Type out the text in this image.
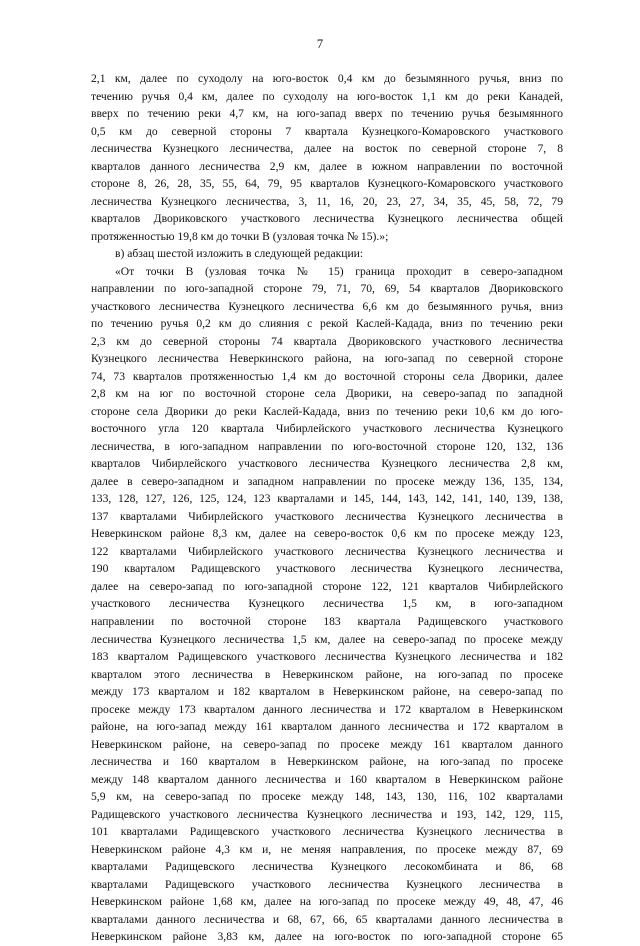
7
2,1 км, далее по суходолу на юго-восток 0,4 км до безымянного ручья, вниз по
течению ручья 0,4 км, далее по суходолу на юго-восток 1,1 км до реки Канадей,
вверх по течению реки 4,7 км, на юго-запад вверх по течению ручья безымянного
0,5 км до северной стороны 7 квартала Кузнецкого-Комаровского участкового
лесничества Кузнецкого лесничества, далее на восток по северной стороне 7, 8
кварталов данного лесничества 2,9 км, далее в южном направлении по восточной
стороне 8, 26, 28, 35, 55, 64, 79, 95 кварталов Кузнецкого-Комаровского участкового
лесничества Кузнецкого лесничества, 3, 11, 16, 20, 23, 27, 34, 35, 45, 58, 72, 79
кварталов Двориковского участкового лесничества Кузнецкого лесничества общей
протяженностью 19,8 км до точки В (узловая точка № 15).»;
в) абзац шестой изложить в следующей редакции:
«От точки В (узловая точка № 15) граница проходит в северо-западном
направлении по юго-западной стороне 79, 71, 70, 69, 54 кварталов Двориковского
участкового лесничества Кузнецкого лесничества 6,6 км до безымянного ручья, вниз
по течению ручья 0,2 км до слияния с рекой Каслей-Кадада, вниз по течению реки
2,3 км до северной стороны 74 квартала Двориковского участкового лесничества
Кузнецкого лесничества Неверкинского района, на юго-запад по северной стороне
74, 73 кварталов протяженностью 1,4 км до восточной стороны села Дворики, далее
2,8 км на юг по восточной стороне села Дворики, на северо-запад по западной
стороне села Дворики до реки Каслей-Кадада, вниз по течению реки 10,6 км до юго-
восточного угла 120 квартала Чибирлейского участкового лесничества Кузнецкого
лесничества, в юго-западном направлении по юго-восточной стороне 120, 132, 136
кварталов Чибирлейского участкового лесничества Кузнецкого лесничества 2,8 км,
далее в северо-западном и западном направлении по просеке между 136, 135, 134,
133, 128, 127, 126, 125, 124, 123 кварталами и 145, 144, 143, 142, 141, 140, 139, 138,
137 кварталами Чибирлейского участкового лесничества Кузнецкого лесничества в
Неверкинском районе 8,3 км, далее на северо-восток 0,6 км по просеке между 123,
122 кварталами Чибирлейского участкового лесничества Кузнецкого лесничества и
190 кварталом Радищевского участкового лесничества Кузнецкого лесничества,
далее на северо-запад по юго-западной стороне 122, 121 кварталов Чибирлейского
участкового лесничества Кузнецкого лесничества 1,5 км, в юго-западном
направлении по восточной стороне 183 квартала Радищевского участкового
лесничества Кузнецкого лесничества 1,5 км, далее на северо-запад по просеке между
183 кварталом Радищевского участкового лесничества Кузнецкого лесничества и 182
кварталом этого лесничества в Неверкинском районе, на юго-запад по просеке
между 173 кварталом и 182 кварталом в Неверкинском районе, на северо-запад по
просеке между 173 кварталом данного лесничества и 172 кварталом в Неверкинском
районе, на юго-запад между 161 кварталом данного лесничества и 172 кварталом в
Неверкинском районе, на северо-запад по просеке между 161 кварталом данного
лесничества и 160 кварталом в Неверкинском районе, на юго-запад по просеке
между 148 кварталом данного лесничества и 160 кварталом в Неверкинском районе
5,9 км, на северо-запад по просеке между 148, 143, 130, 116, 102 кварталами
Радищевского участкового лесничества Кузнецкого лесничества и 193, 142, 129, 115,
101 кварталами Радищевского участкового лесничества Кузнецкого лесничества в
Неверкинском районе 4,3 км и, не меняя направления, по просеке между 87, 69
кварталами Радищевского лесничества Кузнецкого лесокомбината и 86, 68
кварталами Радищевского участкового лесничества Кузнецкого лесничества в
Неверкинском районе 1,68 км, далее на юго-запад по просеке между 49, 48, 47, 46
кварталами данного лесничества и 68, 67, 66, 65 кварталами данного лесничества в
Неверкинском районе 3,83 км, далее на юго-восток по юго-западной стороне 65
